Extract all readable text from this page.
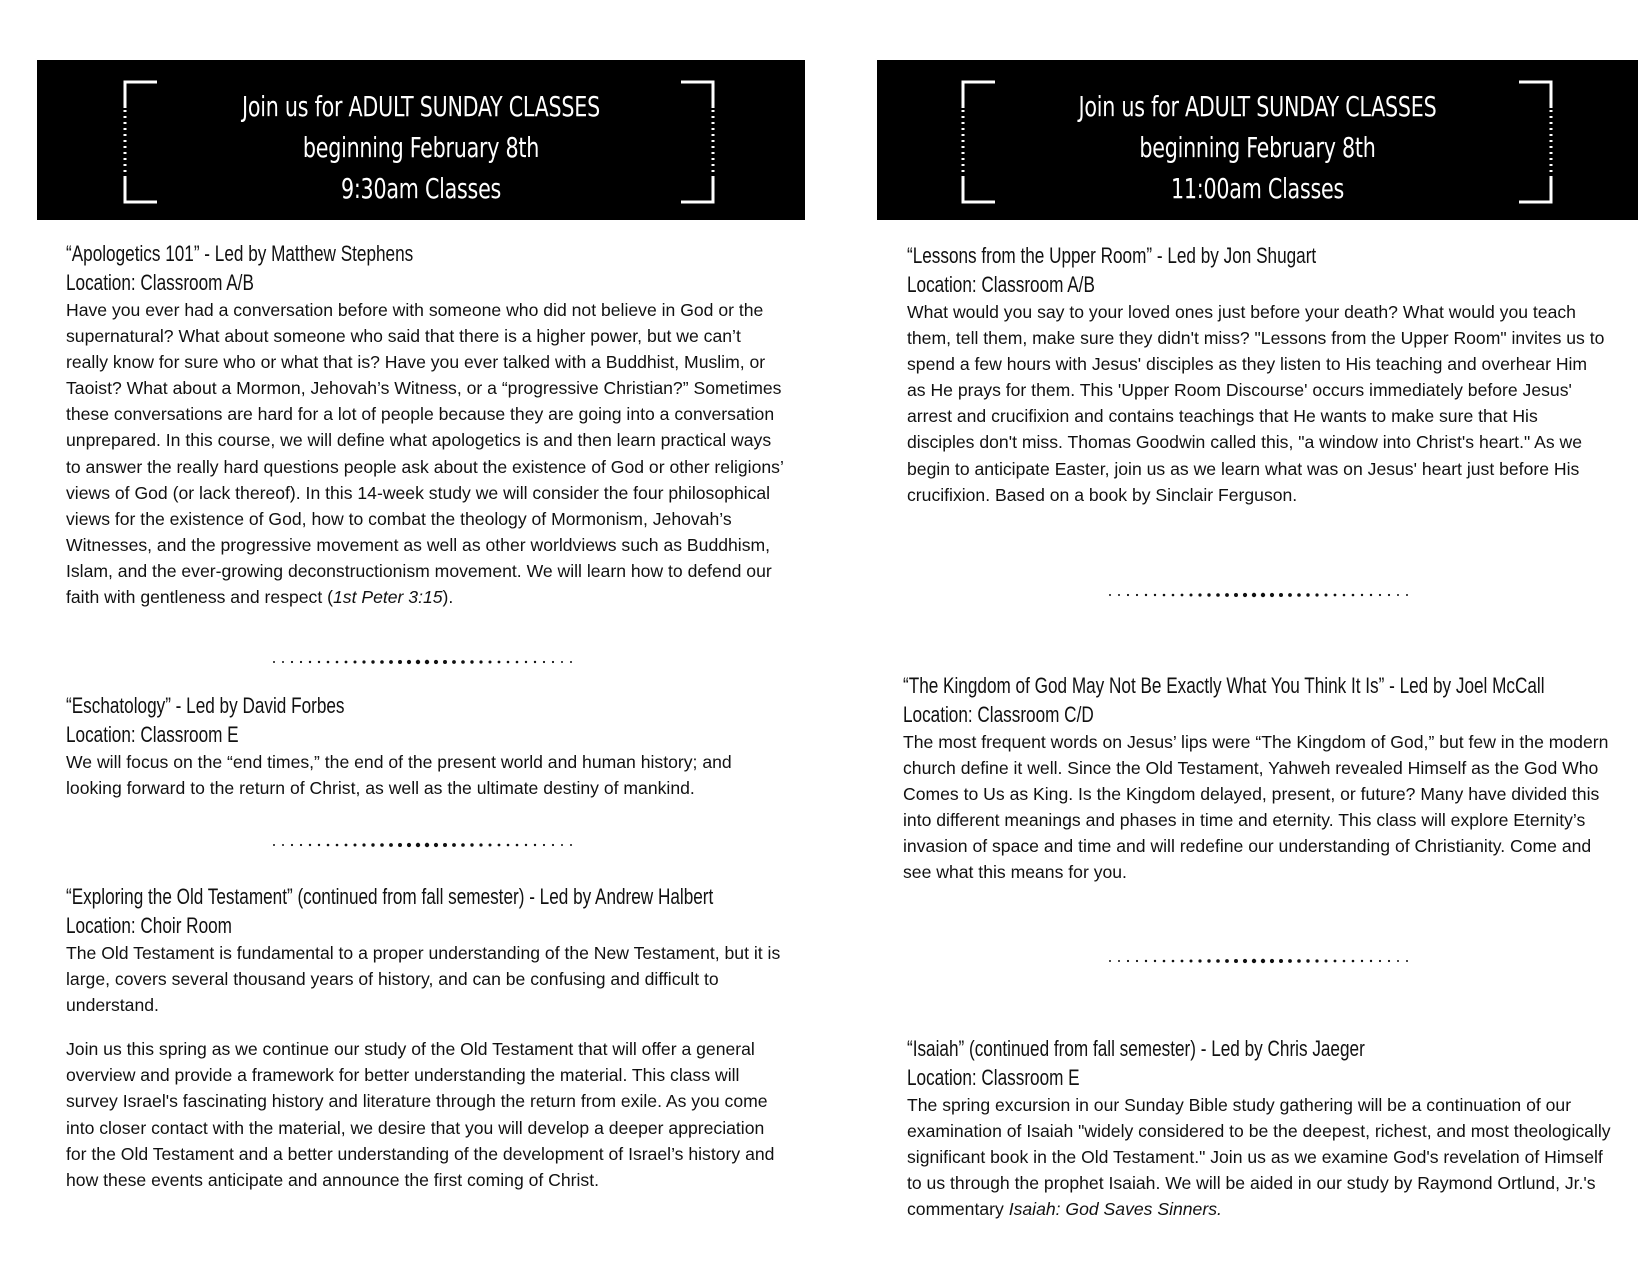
Join us for ADULT SUNDAY CLASSES
beginning February 8th
9:30am Classes
“Apologetics 101” - Led by Matthew Stephens
Location: Classroom A/B

Have you ever had a conversation before with someone who did not believe in God or the supernatural? What about someone who said that there is a higher power, but we can’t really know for sure who or what that is? Have you ever talked with a Buddhist, Muslim, or Taoist? What about a Mormon, Jehovah’s Witness, or a “progressive Christian?” Sometimes these conversations are hard for a lot of people because they are going into a conversation unprepared. In this course, we will define what apologetics is and then learn practical ways to answer the really hard questions people ask about the existence of God or other religions’ views of God (or lack thereof). In this 14-week study we will consider the four philosophical views for the existence of God, how to combat the theology of Mormonism, Jehovah’s Witnesses, and the progressive movement as well as other worldviews such as Buddhism, Islam, and the ever-growing deconstructionism movement. We will learn how to defend our faith with gentleness and respect (1st Peter 3:15).

“Eschatology” - Led by David Forbes
Location: Classroom E

We will focus on the “end times,” the end of the present world and human history; and looking forward to the return of Christ, as well as the ultimate destiny of mankind.

“Exploring the Old Testament” (continued from fall semester) - Led by Andrew Halbert
Location: Choir Room

The Old Testament is fundamental to a proper understanding of the New Testament, but it is large, covers several thousand years of history, and can be confusing and difficult to understand.

Join us this spring as we continue our study of the Old Testament that will offer a general overview and provide a framework for better understanding the material. This class will survey Israel's fascinating history and literature through the return from exile. As you come into closer contact with the material, we desire that you will develop a deeper appreciation for the Old Testament and a better understanding of the development of Israel’s history and how these events anticipate and announce the first coming of Christ.

Join us for ADULT SUNDAY CLASSES
beginning February 8th
11:00am Classes
“Lessons from the Upper Room” - Led by Jon Shugart
Location: Classroom A/B

What would you say to your loved ones just before your death? What would you teach them, tell them, make sure they didn't miss? "Lessons from the Upper Room" invites us to spend a few hours with Jesus' disciples as they listen to His teaching and overhear Him as He prays for them. This 'Upper Room Discourse' occurs immediately before Jesus' arrest and crucifixion and contains teachings that He wants to make sure that His disciples don't miss. Thomas Goodwin called this, "a window into Christ's heart." As we begin to anticipate Easter, join us as we learn what was on Jesus' heart just before His crucifixion. Based on a book by Sinclair Ferguson.

“The Kingdom of God May Not Be Exactly What You Think It Is” - Led by Joel McCall
Location: Classroom C/D

The most frequent words on Jesus’ lips were “The Kingdom of God,” but few in the modern church define it well. Since the Old Testament, Yahweh revealed Himself as the God Who Comes to Us as King. Is the Kingdom delayed, present, or future? Many have divided this into different meanings and phases in time and eternity. This class will explore Eternity’s invasion of space and time and will redefine our understanding of Christianity. Come and see what this means for you.

“Isaiah” (continued from fall semester) - Led by Chris Jaeger
Location: Classroom E

The spring excursion in our Sunday Bible study gathering will be a continuation of our examination of Isaiah "widely considered to be the deepest, richest, and most theologically significant book in the Old Testament." Join us as we examine God's revelation of Himself to us through the prophet Isaiah. We will be aided in our study by Raymond Ortlund, Jr.'s commentary Isaiah: God Saves Sinners.
